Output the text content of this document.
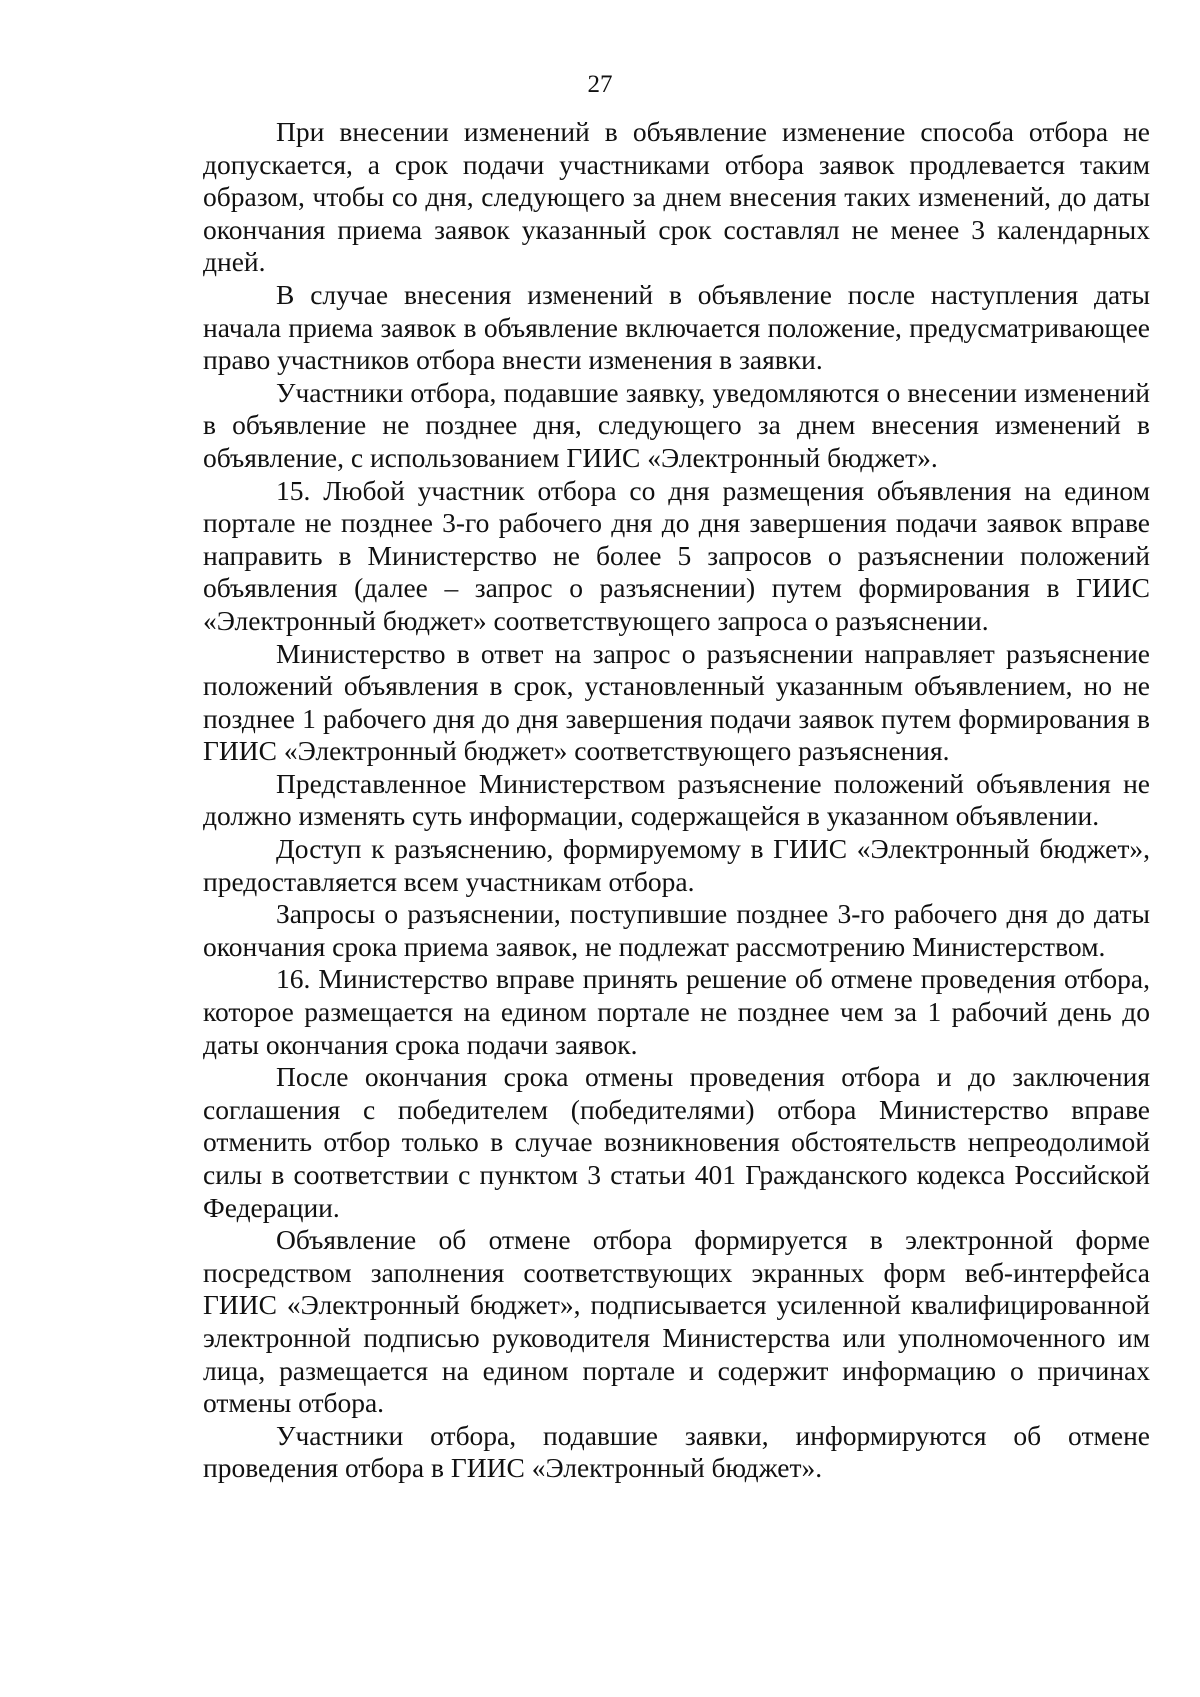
27

При внесении изменений в объявление изменение способа отбора не допускается, а срок подачи участниками отбора заявок продлевается таким образом, чтобы со дня, следующего за днем внесения таких изменений, до даты окончания приема заявок указанный срок составлял не менее 3 календарных дней.

В случае внесения изменений в объявление после наступления даты начала приема заявок в объявление включается положение, предусматривающее право участников отбора внести изменения в заявки.

Участники отбора, подавшие заявку, уведомляются о внесении изменений в объявление не позднее дня, следующего за днем внесения изменений в объявление, с использованием ГИИС «Электронный бюджет».

15. Любой участник отбора со дня размещения объявления на едином портале не позднее 3-го рабочего дня до дня завершения подачи заявок вправе направить в Министерство не более 5 запросов о разъяснении положений объявления (далее – запрос о разъяснении) путем формирования в ГИИС «Электронный бюджет» соответствующего запроса о разъяснении.

Министерство в ответ на запрос о разъяснении направляет разъяснение положений объявления в срок, установленный указанным объявлением, но не позднее 1 рабочего дня до дня завершения подачи заявок путем формирования в ГИИС «Электронный бюджет» соответствующего разъяснения.

Представленное Министерством разъяснение положений объявления не должно изменять суть информации, содержащейся в указанном объявлении.

Доступ к разъяснению, формируемому в ГИИС «Электронный бюджет», предоставляется всем участникам отбора.

Запросы о разъяснении, поступившие позднее 3-го рабочего дня до даты окончания срока приема заявок, не подлежат рассмотрению Министерством.

16. Министерство вправе принять решение об отмене проведения отбора, которое размещается на едином портале не позднее чем за 1 рабочий день до даты окончания срока подачи заявок.

После окончания срока отмены проведения отбора и до заключения соглашения с победителем (победителями) отбора Министерство вправе отменить отбор только в случае возникновения обстоятельств непреодолимой силы в соответствии с пунктом 3 статьи 401 Гражданского кодекса Российской Федерации.

Объявление об отмене отбора формируется в электронной форме посредством заполнения соответствующих экранных форм веб-интерфейса ГИИС «Электронный бюджет», подписывается усиленной квалифицированной электронной подписью руководителя Министерства или уполномоченного им лица, размещается на едином портале и содержит информацию о причинах отмены отбора.

Участники отбора, подавшие заявки, информируются об отмене проведения отбора в ГИИС «Электронный бюджет».
